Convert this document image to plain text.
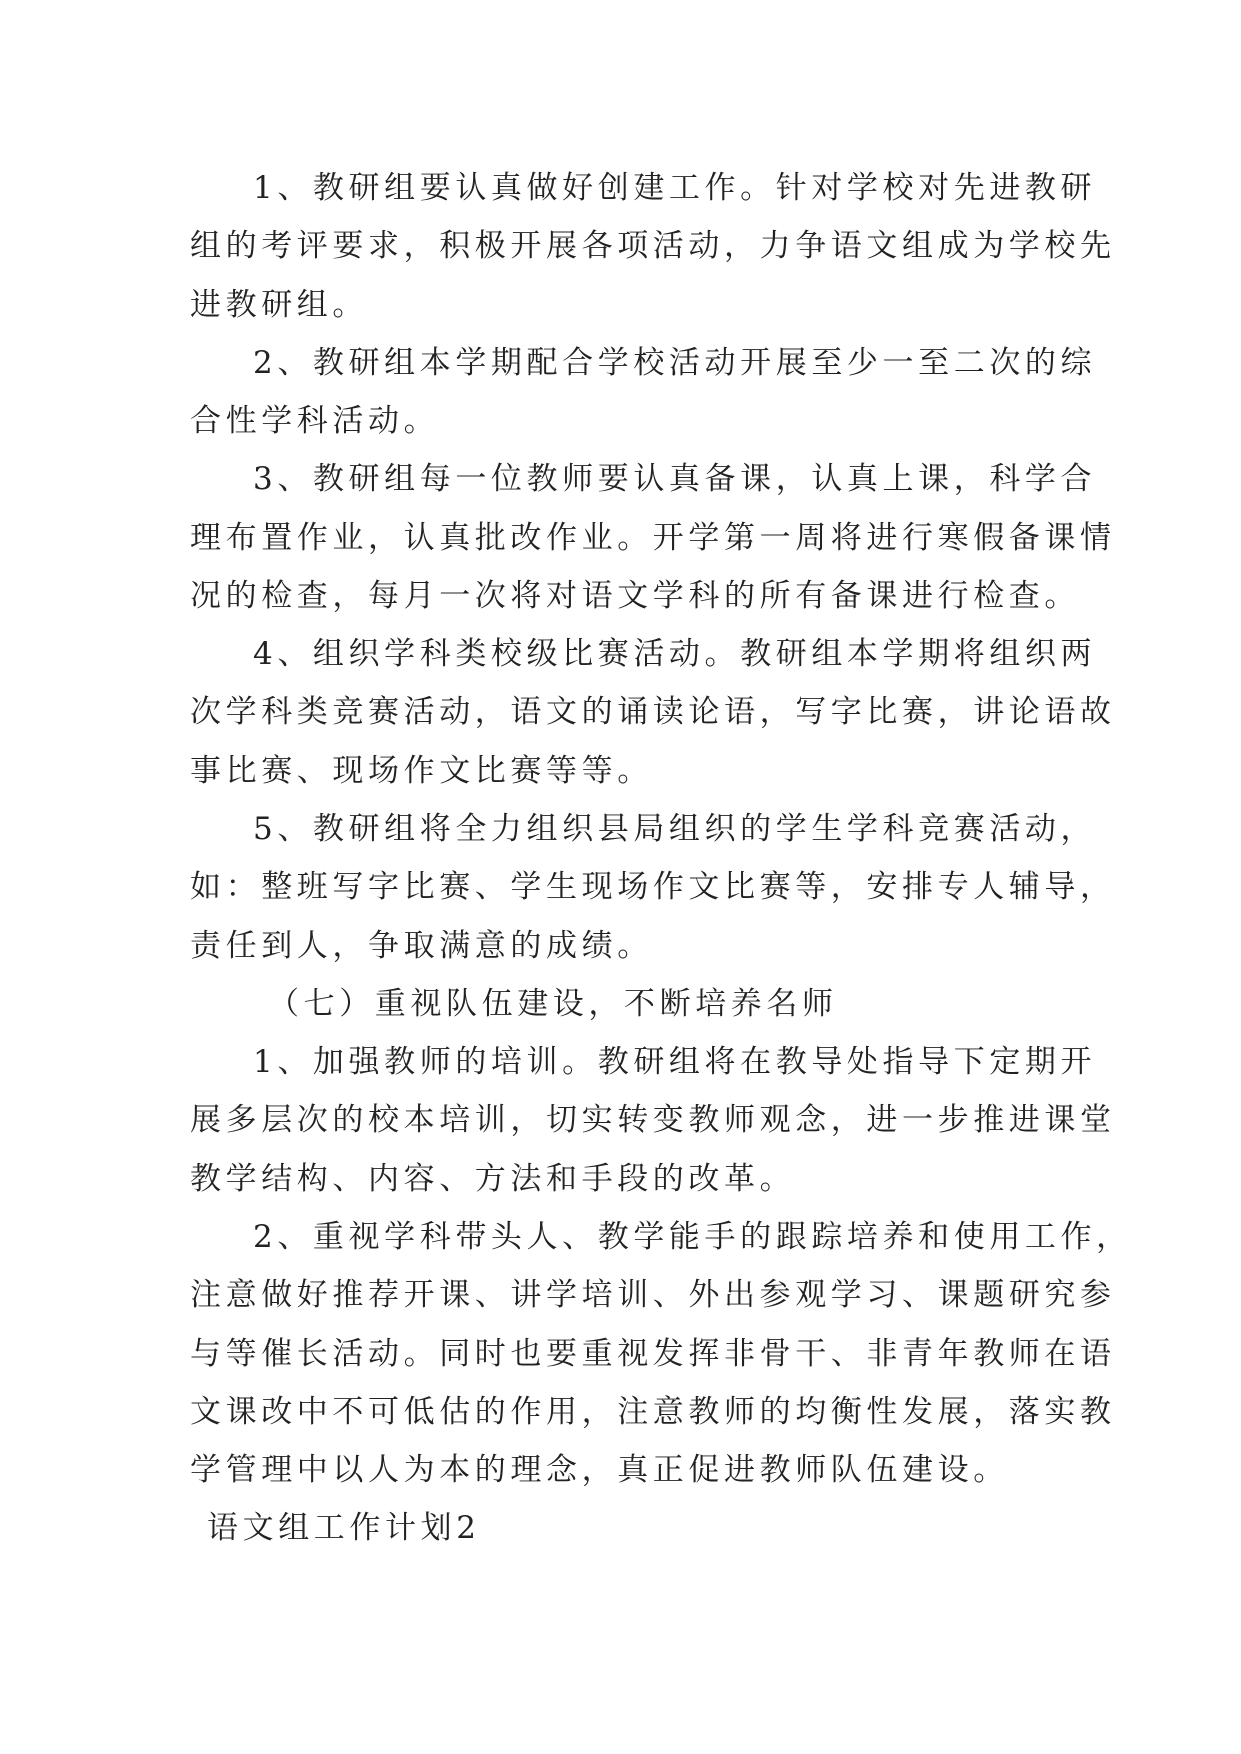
1、教研组要认真做好创建工作。针对学校对先进教研
组的考评要求，积极开展各项活动，力争语文组成为学校先
进教研组。
2、教研组本学期配合学校活动开展至少一至二次的综
合性学科活动。
3、教研组每一位教师要认真备课，认真上课，科学合
理布置作业，认真批改作业。开学第一周将进行寒假备课情
况的检查，每月一次将对语文学科的所有备课进行检查。
4、组织学科类校级比赛活动。教研组本学期将组织两
次学科类竞赛活动，语文的诵读论语，写字比赛，讲论语故
事比赛、现场作文比赛等等。
5、教研组将全力组织县局组织的学生学科竞赛活动，
如：整班写字比赛、学生现场作文比赛等，安排专人辅导，
责任到人，争取满意的成绩。
（七）重视队伍建设，不断培养名师
1、加强教师的培训。教研组将在教导处指导下定期开
展多层次的校本培训，切实转变教师观念，进一步推进课堂
教学结构、内容、方法和手段的改革。
2、重视学科带头人、教学能手的跟踪培养和使用工作，
注意做好推荐开课、讲学培训、外出参观学习、课题研究参
与等催长活动。同时也要重视发挥非骨干、非青年教师在语
文课改中不可低估的作用，注意教师的均衡性发展，落实教
学管理中以人为本的理念，真正促进教师队伍建设。
语文组工作计划2
